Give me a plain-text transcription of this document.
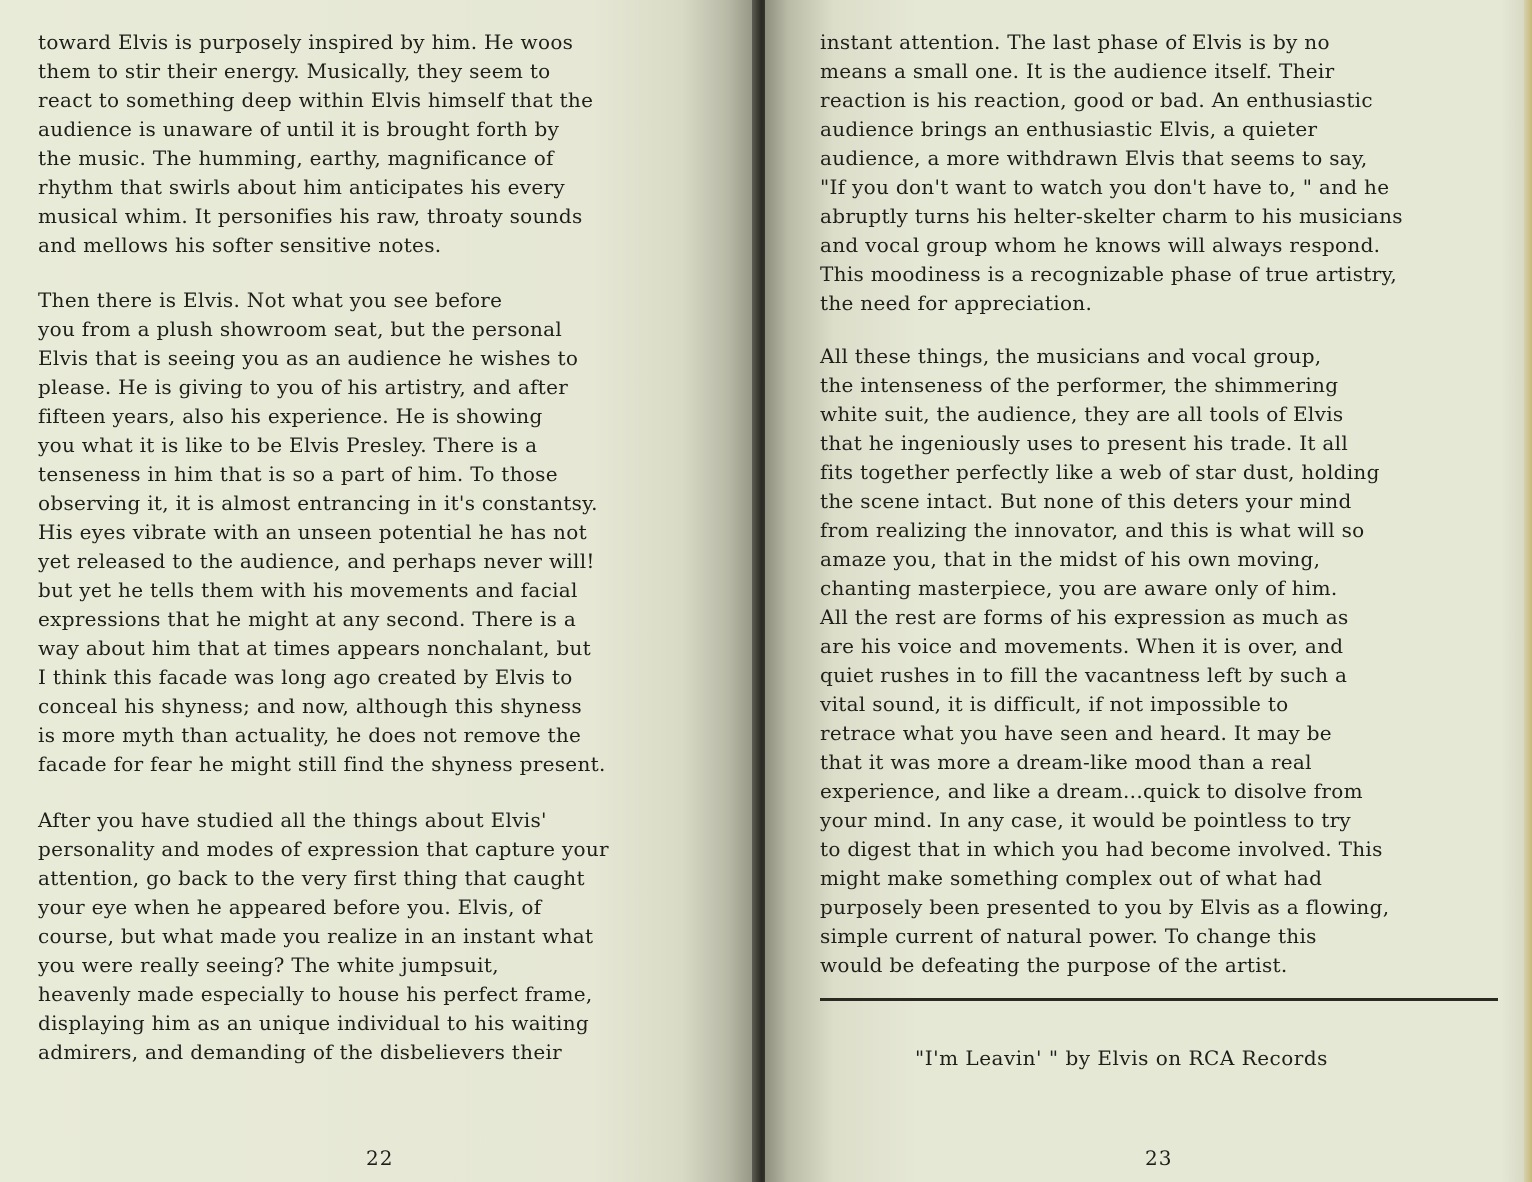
toward Elvis is purposely inspired by him. He woos
them to stir their energy. Musically, they seem to
react to something deep within Elvis himself that the
audience is unaware of until it is brought forth by
the music. The humming, earthy, magnificance of
rhythm that swirls about him anticipates his every
musical whim. It personifies his raw, throaty sounds
and mellows his softer sensitive notes.

Then there is Elvis. Not what you see before
you from a plush showroom seat, but the personal
Elvis that is seeing you as an audience he wishes to
please. He is giving to you of his artistry, and after
fifteen years, also his experience. He is showing
you what it is like to be Elvis Presley. There is a
tenseness in him that is so a part of him. To those
observing it, it is almost entrancing in it's constantsy.
His eyes vibrate with an unseen potential he has not
yet released to the audience, and perhaps never will!
but yet he tells them with his movements and facial
expressions that he might at any second. There is a
way about him that at times appears nonchalant, but
I think this facade was long ago created by Elvis to
conceal his shyness; and now, although this shyness
is more myth than actuality, he does not remove the
facade for fear he might still find the shyness present.

After you have studied all the things about Elvis'
personality and modes of expression that capture your
attention, go back to the very first thing that caught
your eye when he appeared before you. Elvis, of
course, but what made you realize in an instant what
you were really seeing? The white jumpsuit,
heavenly made especially to house his perfect frame,
displaying him as an unique individual to his waiting
admirers, and demanding of the disbelievers their

22

instant attention. The last phase of Elvis is by no
means a small one. It is the audience itself. Their
reaction is his reaction, good or bad. An enthusiastic
audience brings an enthusiastic Elvis, a quieter
audience, a more withdrawn Elvis that seems to say,
"If you don't want to watch you don't have to, " and he
abruptly turns his helter-skelter charm to his musicians
and vocal group whom he knows will always respond.
This moodiness is a recognizable phase of true artistry,
the need for appreciation.

All these things, the musicians and vocal group,
the intenseness of the performer, the shimmering
white suit, the audience, they are all tools of Elvis
that he ingeniously uses to present his trade. It all
fits together perfectly like a web of star dust, holding
the scene intact. But none of this deters your mind
from realizing the innovator, and this is what will so
amaze you, that in the midst of his own moving,
chanting masterpiece, you are aware only of him.
All the rest are forms of his expression as much as
are his voice and movements. When it is over, and
quiet rushes in to fill the vacantness left by such a
vital sound, it is difficult, if not impossible to
retrace what you have seen and heard. It may be
that it was more a dream-like mood than a real
experience, and like a dream...quick to disolve from
your mind. In any case, it would be pointless to try
to digest that in which you had become involved. This
might make something complex out of what had
purposely been presented to you by Elvis as a flowing,
simple current of natural power. To change this
would be defeating the purpose of the artist.

"I'm Leavin' " by Elvis on RCA Records
23
